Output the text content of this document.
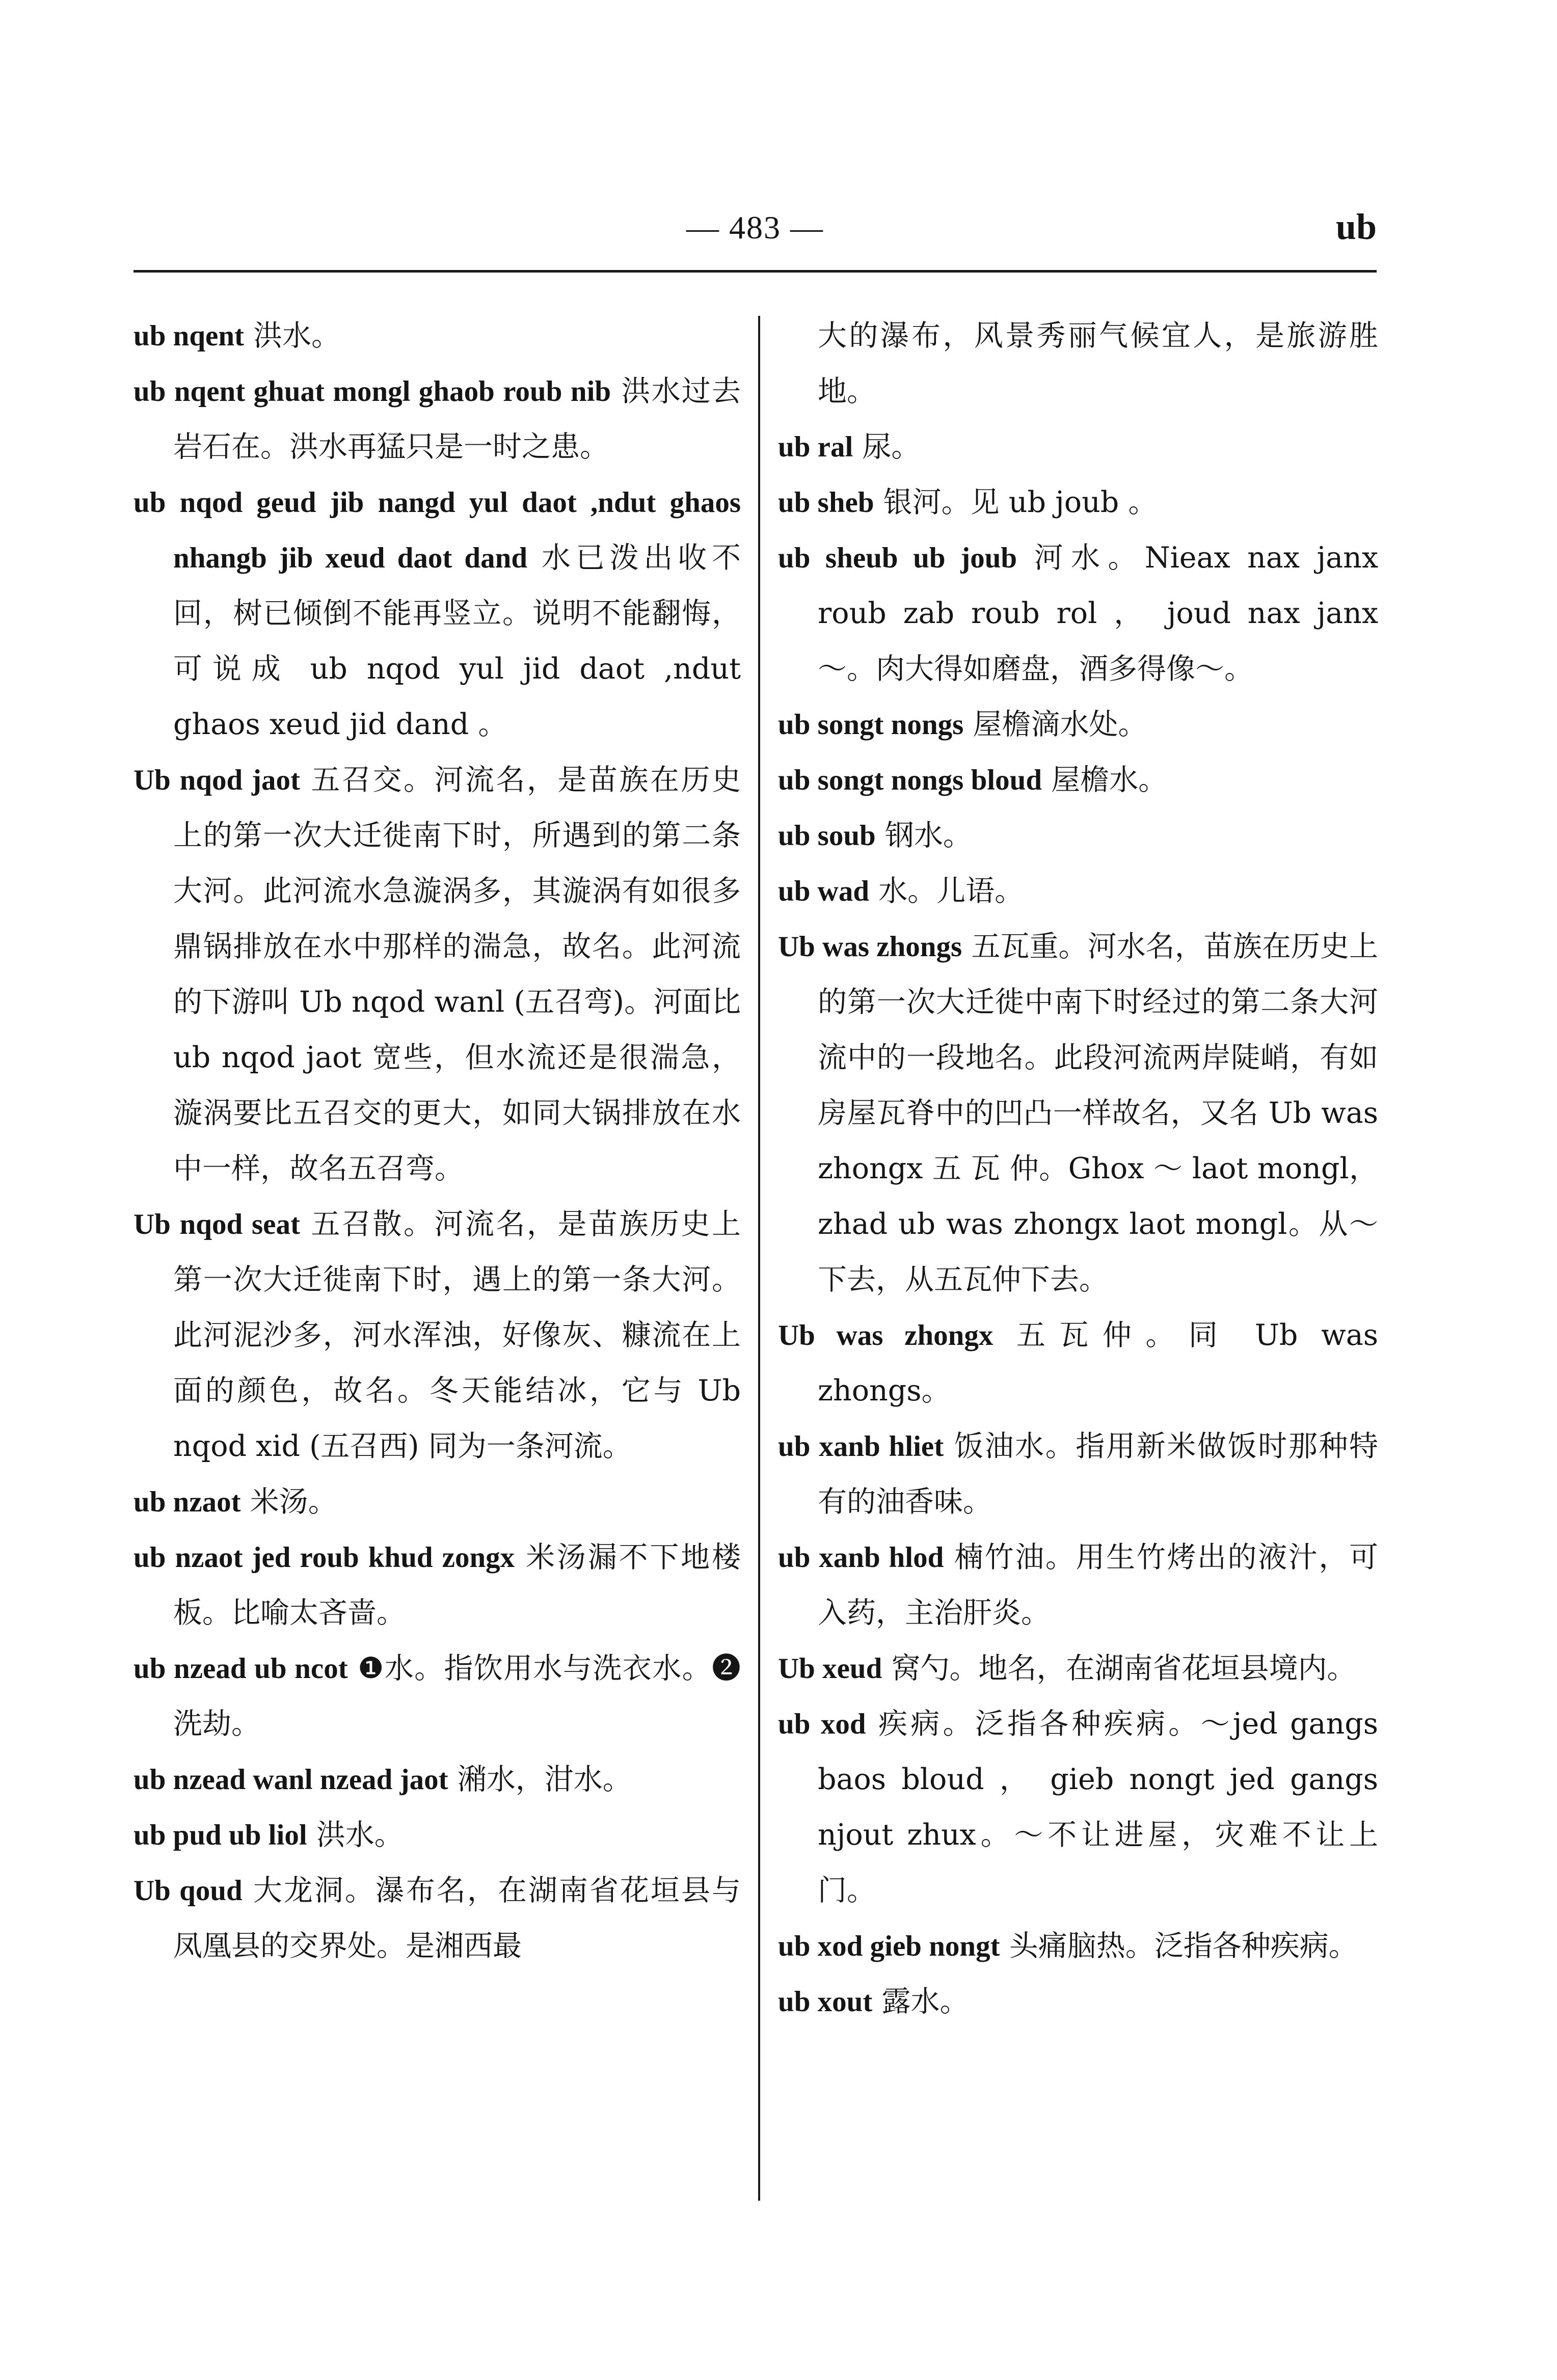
— 483 —	ub
ub nqent 洪水。
ub nqent ghuat mongl ghaob roub nib 洪水过去岩石在。洪水再猛只是一时之患。
ub nqod geud jib nangd yul daot ,ndut ghaos nhangb jib xeud daot dand 水已泼出收不回，树已倾倒不能再竖立。说明不能翻悔，可说成 ub nqod yul jid daot ,ndut ghaos xeud jid dand 。
Ub nqod jaot 五召交。河流名，是苗族在历史上的第一次大迁徙南下时，所遇到的第二条大河。此河流水急漩涡多，其漩涡有如很多鼎锅排放在水中那样的湍急，故名。此河流的下游叫 Ub nqod wanl (五召弯)。河面比 ub nqod jaot 宽些，但水流还是很湍急，漩涡要比五召交的更大，如同大锅排放在水中一样，故名五召弯。
Ub nqod seat 五召散。河流名，是苗族历史上第一次大迁徙南下时，遇上的第一条大河。此河泥沙多，河水浑浊，好像灰、糠流在上面的颜色，故名。冬天能结冰，它与 Ub nqod xid (五召西) 同为一条河流。
ub nzaot 米汤。
ub nzaot jed roub khud zongx 米汤漏不下地楼板。比喻太吝啬。
ub nzead ub ncot ❶水。指饮用水与洗衣水。❷洗劫。
ub nzead wanl nzead jaot 潲水，泔水。
ub pud ub liol 洪水。
Ub qoud 大龙洞。瀑布名，在湖南省花垣县与凤凰县的交界处。是湘西最
大的瀑布，风景秀丽气候宜人，是旅游胜地。
ub ral 尿。
ub sheb 银河。见 ub joub 。
ub sheub ub joub 河水。Nieax nax janx roub zab roub rol ， joud nax janx ～。肉大得如磨盘，酒多得像～。
ub songt nongs 屋檐滴水处。
ub songt nongs bloud 屋檐水。
ub soub 钢水。
ub wad 水。儿语。
Ub was zhongs 五瓦重。河水名，苗族在历史上的第一次大迁徙中南下时经过的第二条大河流中的一段地名。此段河流两岸陡峭，有如房屋瓦脊中的凹凸一样故名，又名 Ub was zhongx 五 瓦 仲。Ghox ～ laot mongl，zhad ub was zhongx laot mongl。从～下去，从五瓦仲下去。
Ub was zhongx 五瓦仲。同 Ub was zhongs。
ub xanb hliet 饭油水。指用新米做饭时那种特有的油香味。
ub xanb hlod 楠竹油。用生竹烤出的液汁，可入药，主治肝炎。
Ub xeud 窝勺。地名，在湖南省花垣县境内。
ub xod 疾病。泛指各种疾病。～jed gangs baos bloud ， gieb nongt jed gangs njout zhux。～不让进屋，灾难不让上门。
ub xod gieb nongt 头痛脑热。泛指各种疾病。
ub xout 露水。
